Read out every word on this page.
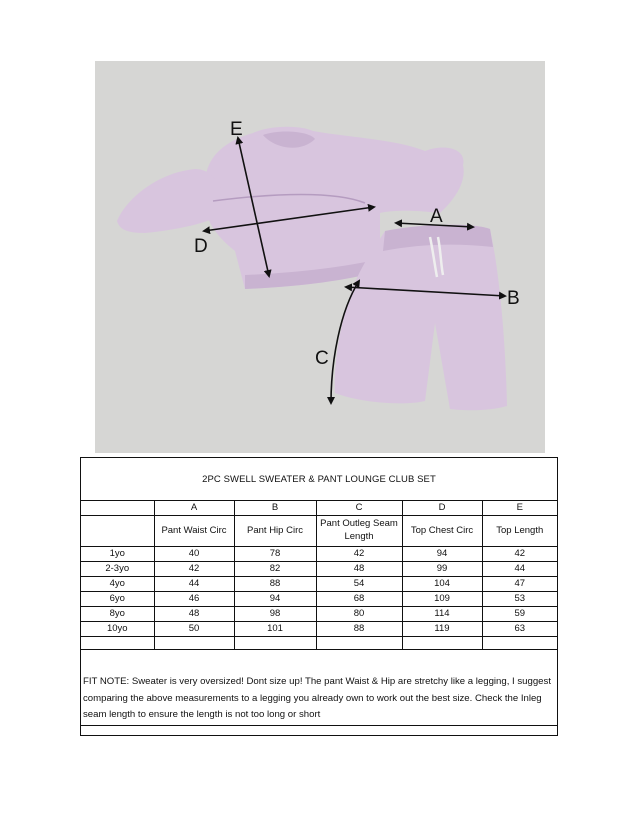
E
D
A
B
C
2PC SWELL SWEATER & PANT LOUNGE CLUB SET
	A	B	C	D	E
	Pant Waist Circ	Pant Hip Circ	Pant Outleg Seam Length	Top Chest Circ	Top Length
1yo	40	78	42	94	42
2-3yo	42	82	48	99	44
4yo	44	88	54	104	47
6yo	46	94	68	109	53
8yo	48	98	80	114	59
10yo	50	101	88	119	63

FIT NOTE: Sweater is very oversized! Dont size up! The pant Waist & Hip are stretchy like a legging, I suggest comparing the above measurements to a legging you already own to work out the best size. Check the Inleg seam length to ensure the length is not too long or short
